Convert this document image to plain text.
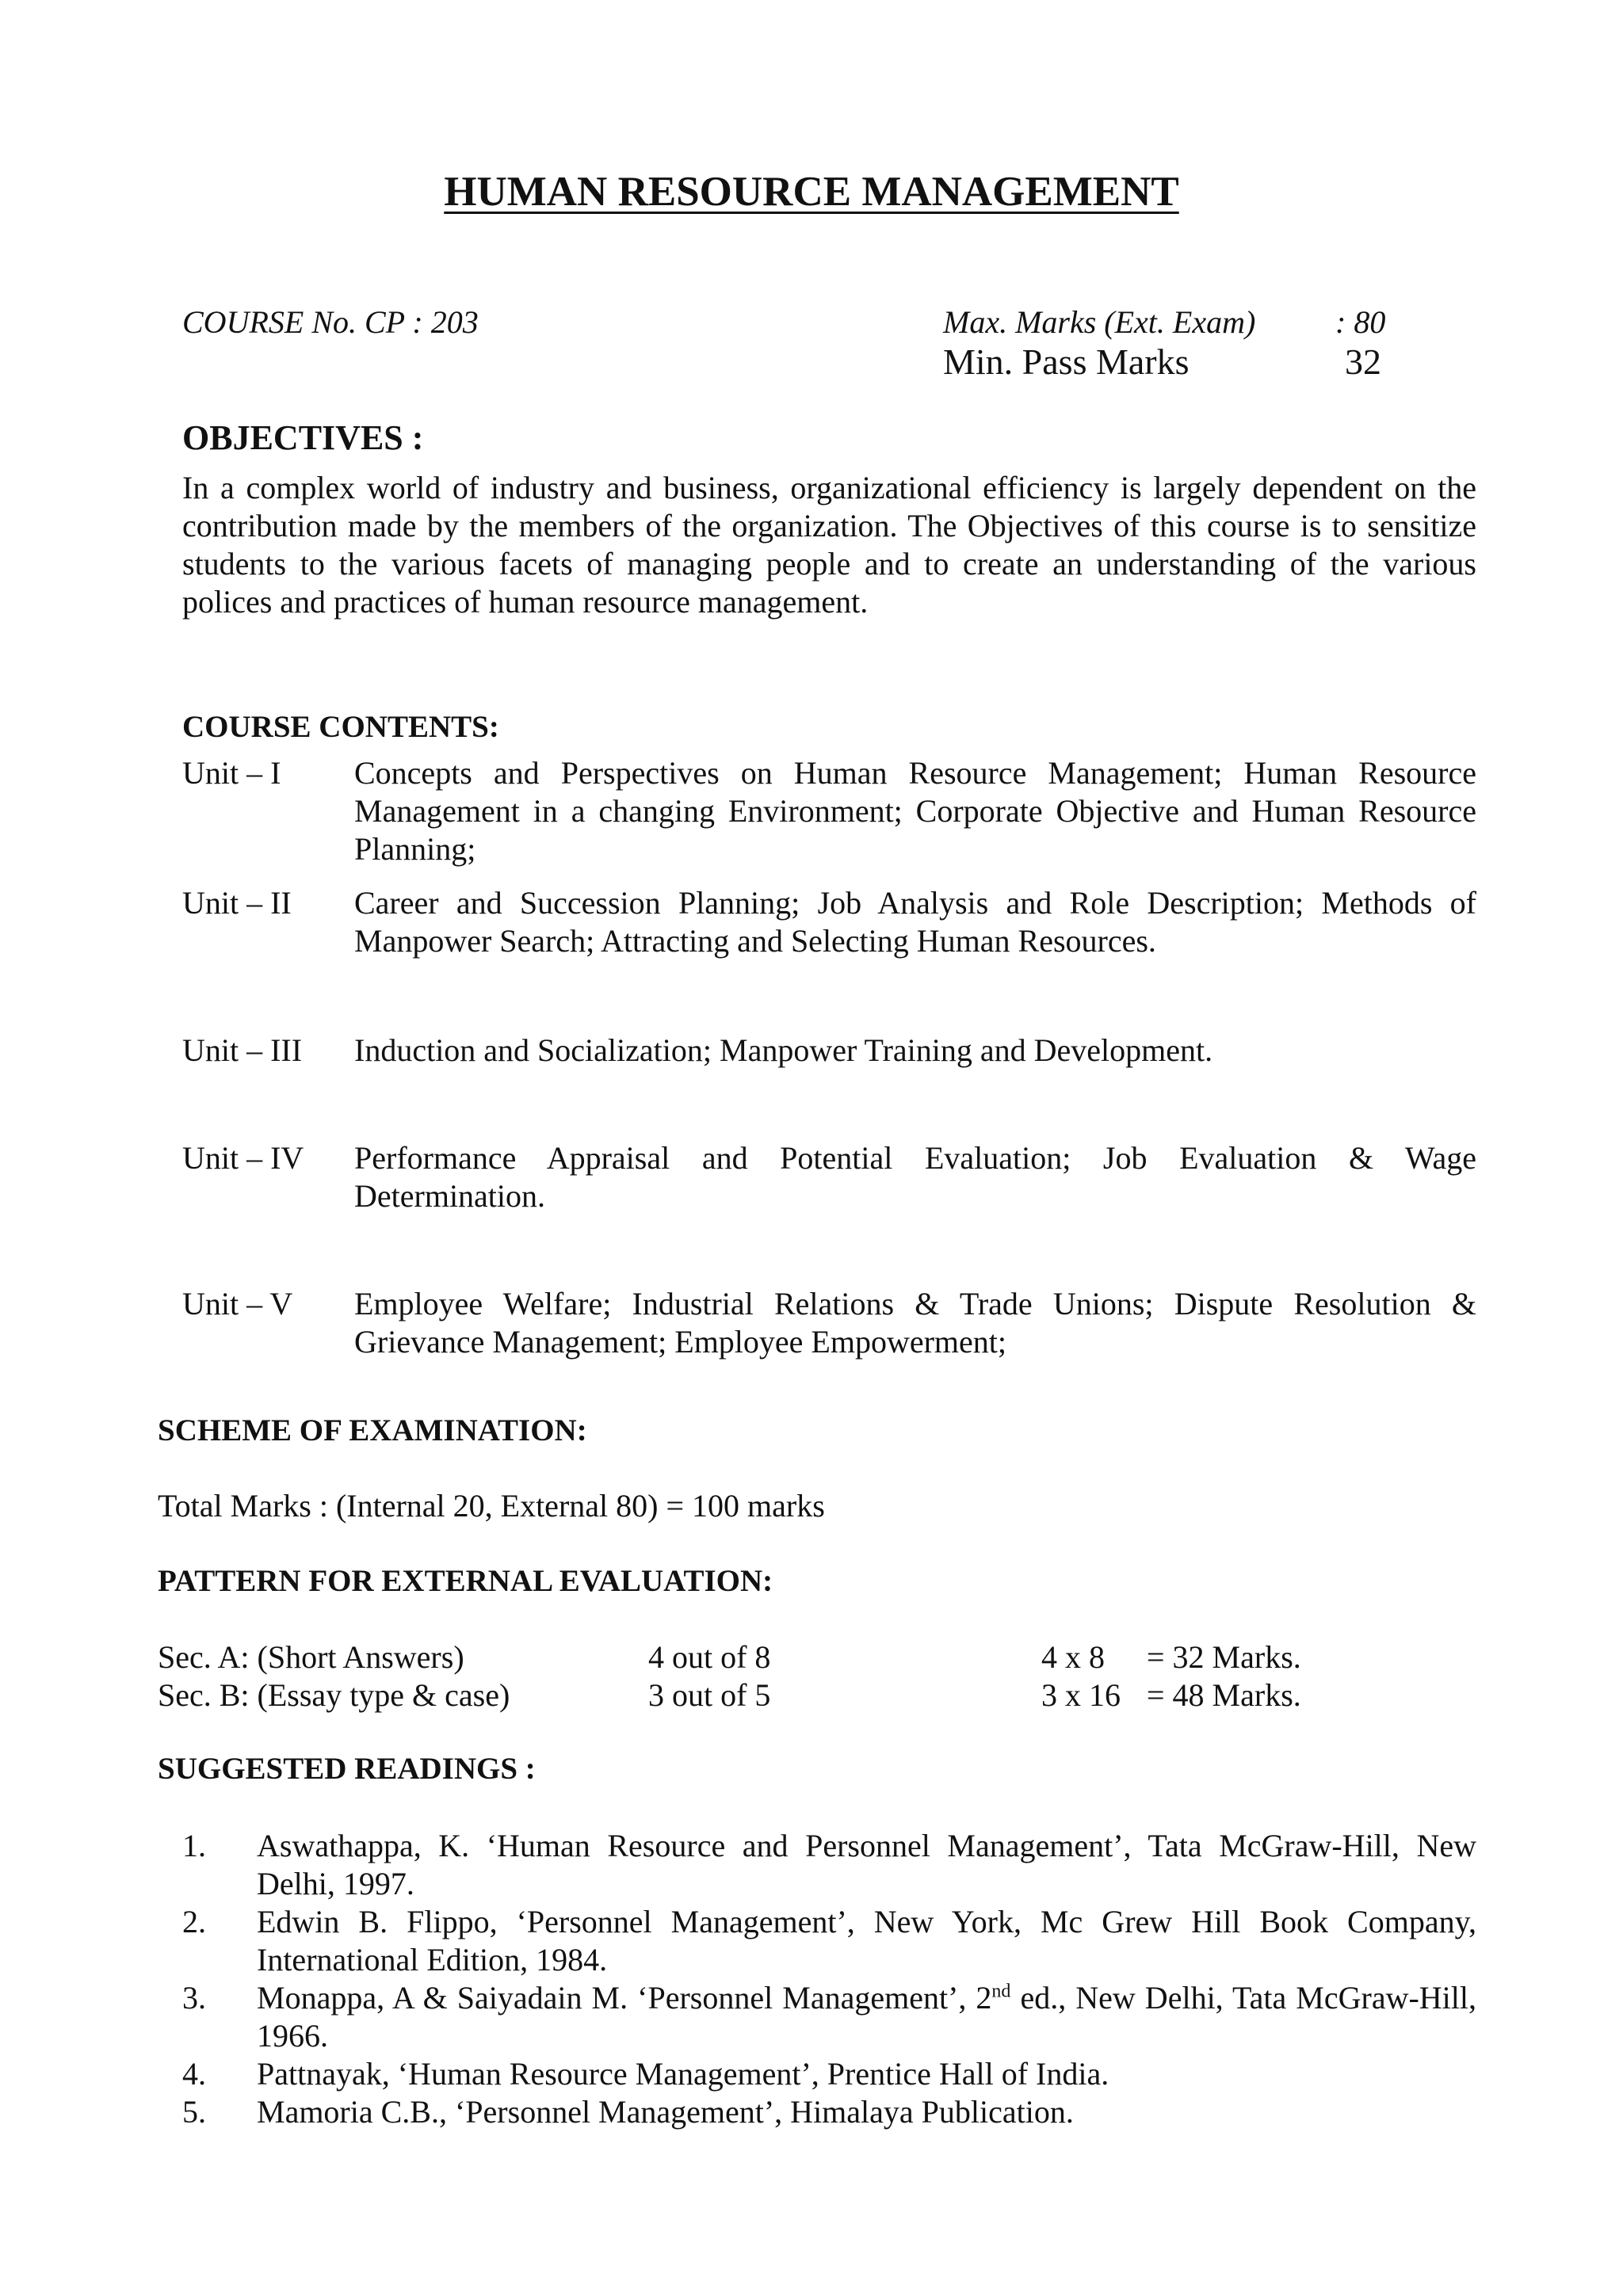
HUMAN RESOURCE MANAGEMENT
COURSE No. CP : 203	Max. Marks (Ext. Exam)	: 80
Min. Pass Marks	32
OBJECTIVES :

In a complex world of industry and business, organizational efficiency is largely dependent on the contribution made by the members of the organization. The Objectives of this course is to sensitize students to the various facets of managing people and to create an understanding of the various polices and practices of human resource management.

COURSE CONTENTS:
Unit – I Concepts and Perspectives on Human Resource Management; Human Resource Management in a changing Environment; Corporate Objective and Human Resource Planning;
Unit – II Career and Succession Planning; Job Analysis and Role Description; Methods of Manpower Search; Attracting and Selecting Human Resources.
Unit – III Induction and Socialization; Manpower Training and Development.
Unit – IV Performance Appraisal and Potential Evaluation; Job Evaluation & Wage Determination.
Unit – V Employee Welfare; Industrial Relations & Trade Unions; Dispute Resolution & Grievance Management; Employee Empowerment;
SCHEME OF EXAMINATION:
Total Marks : (Internal 20, External 80) = 100 marks
PATTERN FOR EXTERNAL EVALUATION:
Sec. A: (Short Answers)	4 out of 8	4 x 8 = 32 Marks.
Sec. B: (Essay type & case)	3 out of 5	3 x 16 = 48 Marks.
SUGGESTED READINGS :
1. Aswathappa, K. ‘Human Resource and Personnel Management’, Tata McGraw-Hill, New Delhi, 1997.
2. Edwin B. Flippo, ‘Personnel Management’, New York, Mc Grew Hill Book Company, International Edition, 1984.
3. Monappa, A & Saiyadain M. ‘Personnel Management’, 2nd ed., New Delhi, Tata McGraw-Hill, 1966.
4. Pattnayak, ‘Human Resource Management’, Prentice Hall of India.
5. Mamoria C.B., ‘Personnel Management’, Himalaya Publication.
